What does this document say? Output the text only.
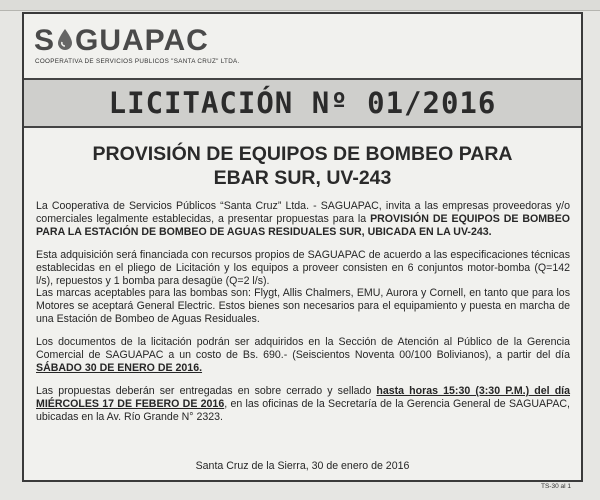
S GUAPAC
COOPERATIVA DE SERVICIOS PUBLICOS "SANTA CRUZ" LTDA.
LICITACIÓN Nº 01/2016
PROVISIÓN DE EQUIPOS DE BOMBEO PARA
EBAR SUR, UV-243

La Cooperativa de Servicios Públicos “Santa Cruz” Ltda. - SAGUAPAC, invita a las empresas proveedoras y/o comerciales legalmente establecidas, a presentar propuestas para la PROVISIÓN DE EQUIPOS DE BOMBEO PARA LA ESTACIÓN DE BOMBEO DE AGUAS RESIDUALES SUR, UBICADA EN LA UV-243.

Esta adquisición será financiada con recursos propios de SAGUAPAC de acuerdo a las especificaciones técnicas establecidas en el pliego de Licitación y los equipos a proveer consisten en 6 conjuntos motor-bomba (Q=142 l/s), repuestos y 1 bomba para desagüe (Q=2 l/s).

Las marcas aceptables para las bombas son: Flygt, Allis Chalmers, EMU, Aurora y Cornell, en tanto que para los Motores se aceptará General Electric. Estos bienes son necesarios para el equipamiento y puesta en marcha de una Estación de Bombeo de Aguas Residuales.

Los documentos de la licitación podrán ser adquiridos en la Sección de Atención al Público de la Gerencia Comercial de SAGUAPAC a un costo de Bs. 690.- (Seiscientos Noventa 00/100 Bolivianos), a partir del día SÁBADO 30 DE ENERO DE 2016.

Las propuestas deberán ser entregadas en sobre cerrado y sellado hasta horas 15:30 (3:30 P.M.) del día MIÉRCOLES 17 DE FEBERO DE 2016, en las oficinas de la Secretaría de la Gerencia General de SAGUAPAC, ubicadas en la Av. Río Grande N° 2323.

Santa Cruz de la Sierra, 30 de enero de 2016
TS-30 al 1
